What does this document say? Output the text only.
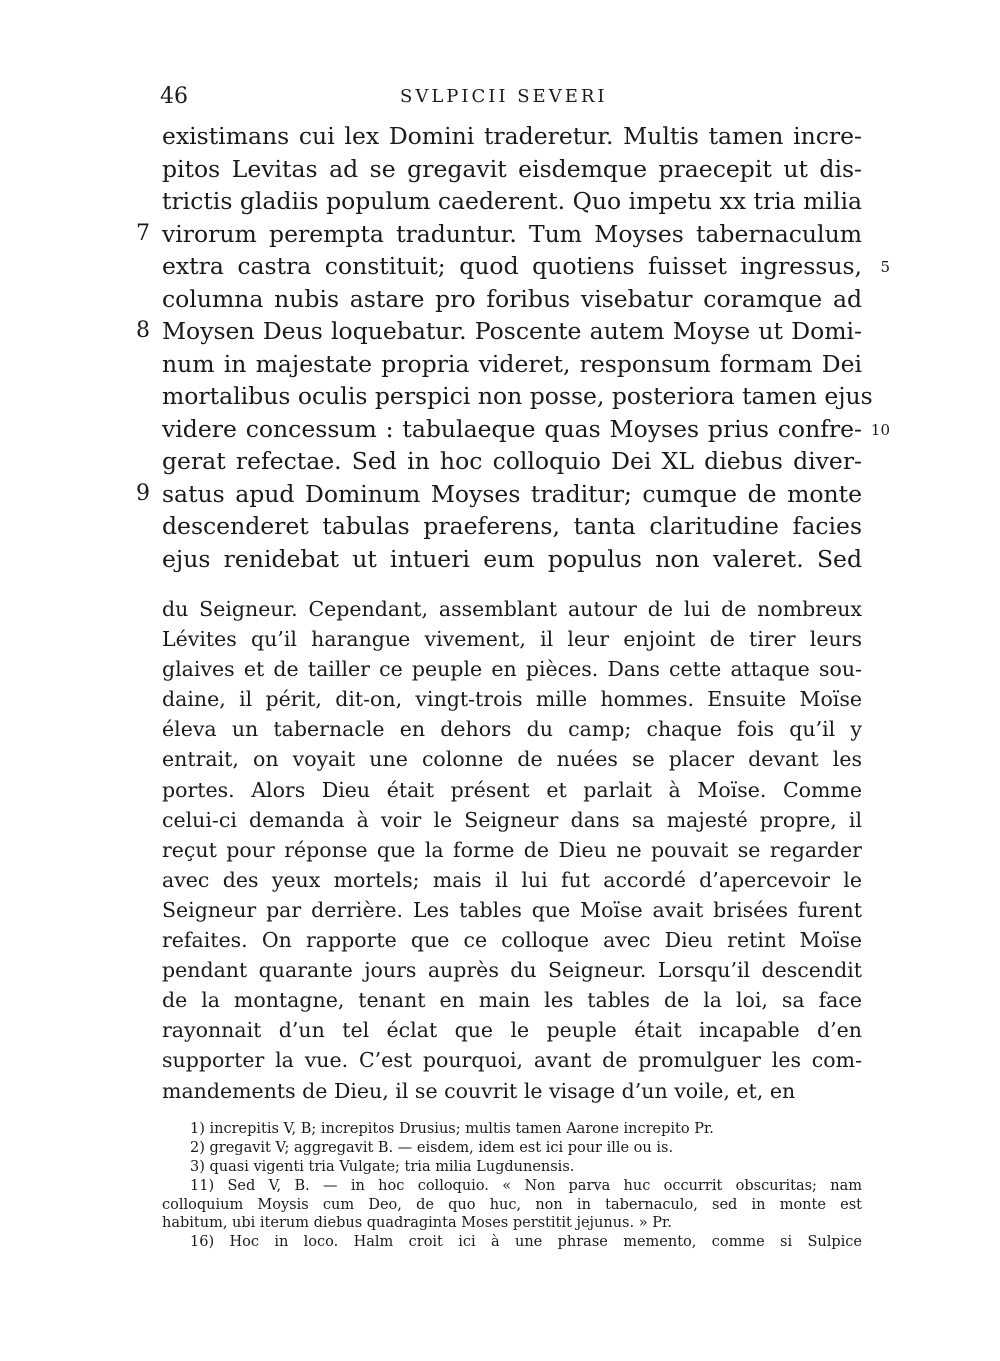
46	SVLPICII SEVERI
existimans cui lex Domini traderetur. Multis tamen incre-
pitos Levitas ad se gregavit eisdemque praecepit ut dis-
trictis gladiis populum caederent. Quo impetu xx tria milia
7 virorum perempta traduntur. Tum Moyses tabernaculum
extra castra constituit; quod quotiens fuisset ingressus, 5
columna nubis astare pro foribus visebatur coramque ad
8 Moysen Deus loquebatur. Poscente autem Moyse ut Domi-
num in majestate propria videret, responsum formam Dei
mortalibus oculis perspici non posse, posteriora tamen ejus
videre concessum : tabulaeque quas Moyses prius confre- 10
gerat refectae. Sed in hoc colloquio Dei XL diebus diver-
9 satus apud Dominum Moyses traditur; cumque de monte
descenderet tabulas praeferens, tanta claritudine facies
ejus renidebat ut intueri eum populus non valeret. Sed
du Seigneur. Cependant, assemblant autour de lui de nombreux
Lévites qu’il harangue vivement, il leur enjoint de tirer leurs
glaives et de tailler ce peuple en pièces. Dans cette attaque sou-
daine, il périt, dit-on, vingt-trois mille hommes. Ensuite Moïse
éleva un tabernacle en dehors du camp; chaque fois qu’il y
entrait, on voyait une colonne de nuées se placer devant les
portes. Alors Dieu était présent et parlait à Moïse. Comme
celui-ci demanda à voir le Seigneur dans sa majesté propre, il
reçut pour réponse que la forme de Dieu ne pouvait se regarder
avec des yeux mortels; mais il lui fut accordé d’apercevoir le
Seigneur par derrière. Les tables que Moïse avait brisées furent
refaites. On rapporte que ce colloque avec Dieu retint Moïse
pendant quarante jours auprès du Seigneur. Lorsqu’il descendit
de la montagne, tenant en main les tables de la loi, sa face
rayonnait d’un tel éclat que le peuple était incapable d’en
supporter la vue. C’est pourquoi, avant de promulguer les com-
mandements de Dieu, il se couvrit le visage d’un voile, et, en
1) increpitis V, B; increpitos Drusius; multis tamen Aarone increpito Pr.
2) gregavit V; aggregavit B. — eisdem, idem est ici pour ille ou is.
3) quasi vigenti tria Vulgate; tria milia Lugdunensis.
11) Sed V, B. — in hoc colloquio. « Non parva huc occurrit obscuritas; nam
colloquium Moysis cum Deo, de quo huc, non in tabernaculo, sed in monte est
habitum, ubi iterum diebus quadraginta Moses perstitit jejunus. » Pr.
16) Hoc in loco. Halm croit ici à une phrase memento, comme si Sulpice
